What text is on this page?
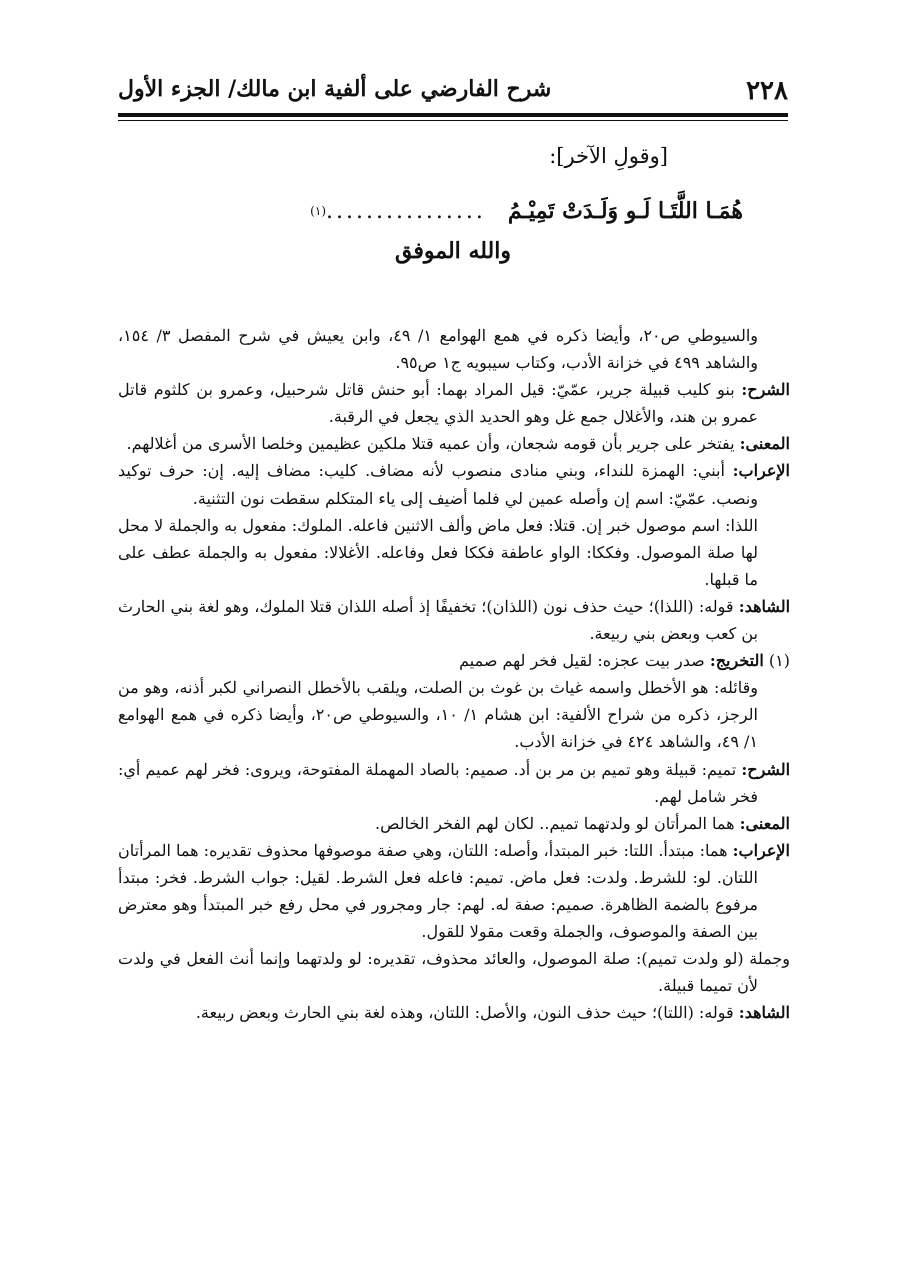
٢٢٨
شرح الفارضي على ألفية ابن مالك/ الجزء الأول
[وقولِ الآخر]:
هُمَـا اللَّتَـا لَـو وَلَـدَتْ تَمِيْـمُ
................
(١)
والله الموفق

والسيوطي ص٢٠، وأيضا ذكره في همع الهوامع ١/ ٤٩، وابن يعيش في شرح المفصل ٣/ ١٥٤، والشاهد ٤٩٩ في خزانة الأدب، وكتاب سيبويه ج١ ص٩٥.

الشرح: بنو كليب قبيلة جرير، عمّيّ: قيل المراد بهما: أبو حنش قاتل شرحبيل، وعمرو بن كلثوم قاتل عمرو بن هند، والأغلال جمع غل وهو الحديد الذي يجعل في الرقبة.

المعنى: يفتخر على جرير بأن قومه شجعان، وأن عميه قتلا ملكين عظيمين وخلصا الأسرى من أغلالهم.

الإعراب: أبني: الهمزة للنداء، وبني منادى منصوب لأنه مضاف. كليب: مضاف إليه. إن: حرف توكيد ونصب. عمّيّ: اسم إن وأصله عمين لي فلما أضيف إلى ياء المتكلم سقطت نون التثنية.

اللذا: اسم موصول خبر إن. قتلا: فعل ماض وألف الاثنين فاعله. الملوك: مفعول به والجملة لا محل لها صلة الموصول. وفككا: الواو عاطفة فككا فعل وفاعله. الأغلالا: مفعول به والجملة عطف على ما قبلها.

الشاهد: قوله: (اللذا)؛ حيث حذف نون (اللذان)؛ تخفيفًا إذ أصله اللذان قتلا الملوك، وهو لغة بني الحارث بن كعب وبعض بني ربيعة.

(١) التخريج: صدر بيت عجزه: لقيل فخر لهم صميم

وقائله: هو الأخطل واسمه غياث بن غوث بن الصلت، ويلقب بالأخطل النصراني لكبر أذنه، وهو من الرجز، ذكره من شراح الألفية: ابن هشام ١/ ١٠، والسيوطي ص٢٠، وأيضا ذكره في همع الهوامع ١/ ٤٩، والشاهد ٤٢٤ في خزانة الأدب.

الشرح: تميم: قبيلة وهو تميم بن مر بن أد. صميم: بالصاد المهملة المفتوحة، ويروى: فخر لهم عميم أي: فخر شامل لهم.

المعنى: هما المرأتان لو ولدتهما تميم.. لكان لهم الفخر الخالص.

الإعراب: هما: مبتدأ. اللتا: خبر المبتدأ، وأصله: اللتان، وهي صفة موصوفها محذوف تقديره: هما المرأتان اللتان. لو: للشرط. ولدت: فعل ماض. تميم: فاعله فعل الشرط. لقيل: جواب الشرط. فخر: مبتدأ مرفوع بالضمة الظاهرة. صميم: صفة له. لهم: جار ومجرور في محل رفع خبر المبتدأ وهو معترض بين الصفة والموصوف، والجملة وقعت مقولا للقول.

وجملة (لو ولدت تميم): صلة الموصول، والعائد محذوف، تقديره: لو ولدتهما وإنما أنث الفعل في ولدت لأن تميما قبيلة.

الشاهد: قوله: (اللتا)؛ حيث حذف النون، والأصل: اللتان، وهذه لغة بني الحارث وبعض ربيعة.
